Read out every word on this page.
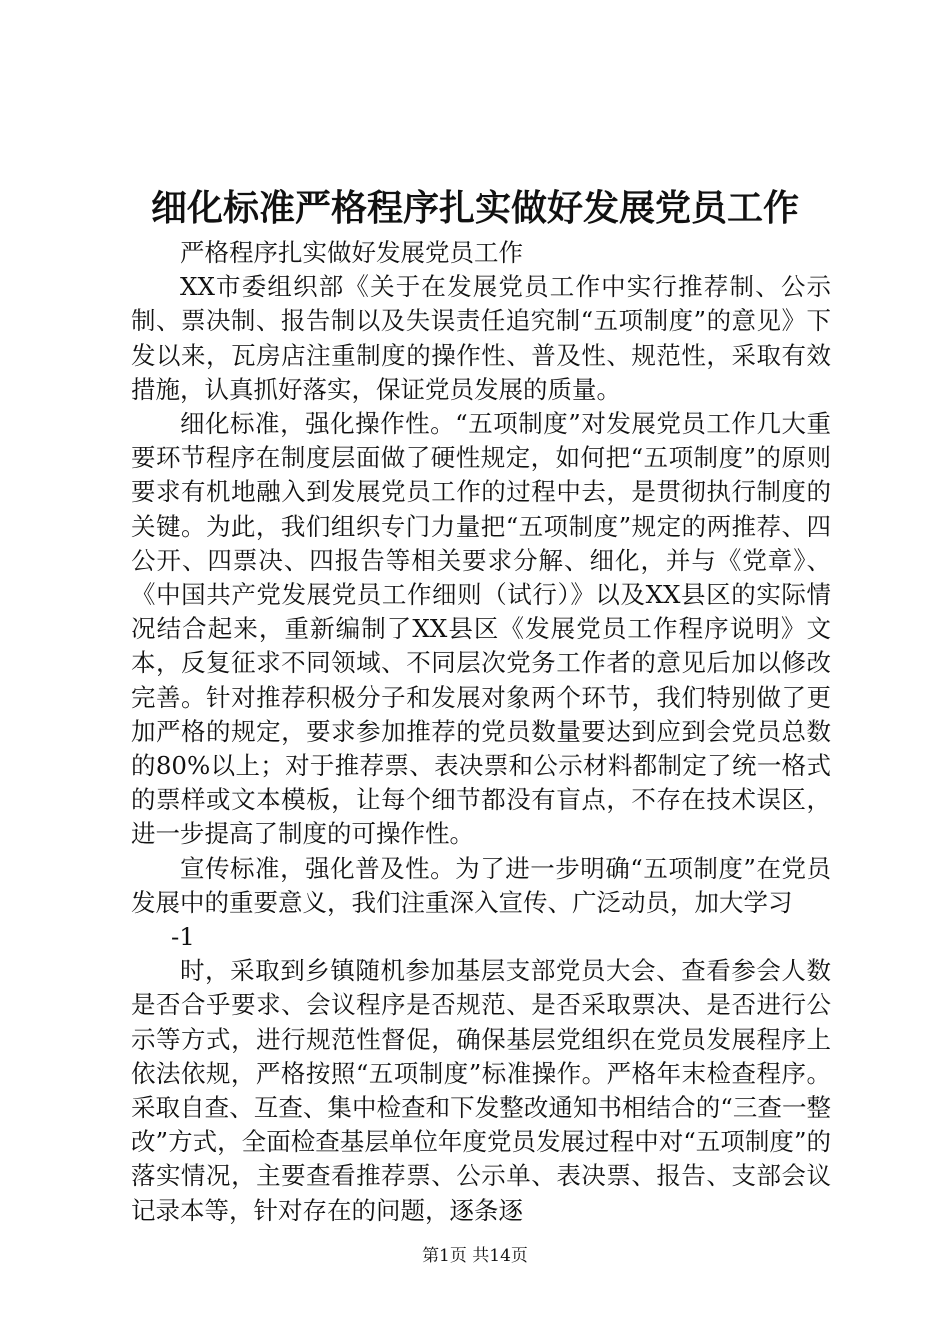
细化标准严格程序扎实做好发展党员工作

严格程序扎实做好发展党员工作

XX市委组织部《关于在发展党员工作中实行推荐制、公示制、票决制、报告制以及失误责任追究制“五项制度”的意见》下发以来，瓦房店注重制度的操作性、普及性、规范性，采取有效措施，认真抓好落实，保证党员发展的质量。

细化标准，强化操作性。“五项制度”对发展党员工作几大重要环节程序在制度层面做了硬性规定，如何把“五项制度”的原则要求有机地融入到发展党员工作的过程中去，是贯彻执行制度的关键。为此，我们组织专门力量把“五项制度”规定的两推荐、四公开、四票决、四报告等相关要求分解、细化，并与《党章》、《中国共产党发展党员工作细则（试行）》以及XX县区的实际情况结合起来，重新编制了XX县区《发展党员工作程序说明》文本，反复征求不同领域、不同层次党务工作者的意见后加以修改完善。针对推荐积极分子和发展对象两个环节，我们特别做了更加严格的规定，要求参加推荐的党员数量要达到应到会党员总数的80%以上；对于推荐票、表决票和公示材料都制定了统一格式的票样或文本模板，让每个细节都没有盲点，不存在技术误区，进一步提高了制度的可操作性。

宣传标准，强化普及性。为了进一步明确“五项制度”在党员发展中的重要意义，我们注重深入宣传、广泛动员，加大学习

-1

时，采取到乡镇随机参加基层支部党员大会、查看参会人数是否合乎要求、会议程序是否规范、是否采取票决、是否进行公示等方式，进行规范性督促，确保基层党组织在党员发展程序上依法依规，严格按照“五项制度”标准操作。严格年末检查程序。采取自查、互查、集中检查和下发整改通知书相结合的“三查一整改”方式，全面检查基层单位年度党员发展过程中对“五项制度”的落实情况，主要查看推荐票、公示单、表决票、报告、支部会议记录本等，针对存在的问题，逐条逐

第1页 共14页
